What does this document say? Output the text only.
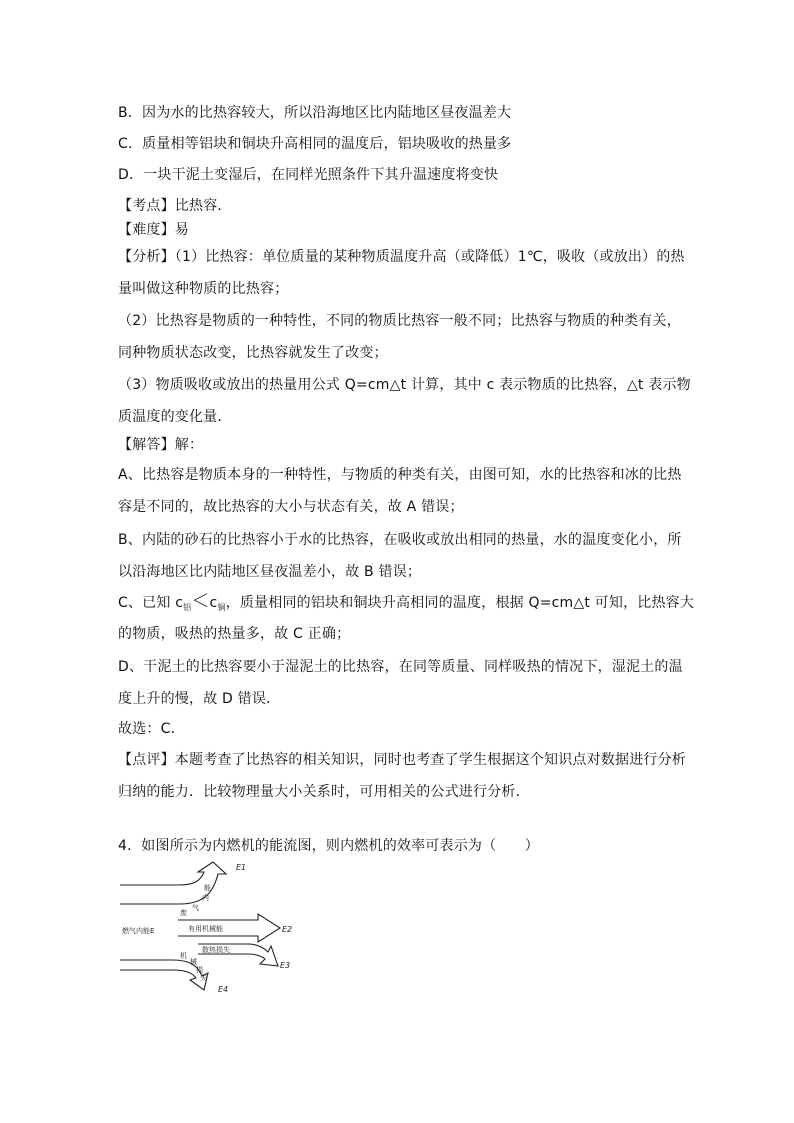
B．因为水的比热容较大，所以沿海地区比内陆地区昼夜温差大
C．质量相等铝块和铜块升高相同的温度后，铝块吸收的热量多
D．一块干泥土变湿后，在同样光照条件下其升温速度将变快
【考点】比热容．
【难度】易
【分析】（1）比热容：单位质量的某种物质温度升高（或降低）1℃，吸收（或放出）的热
量叫做这种物质的比热容；
（2）比热容是物质的一种特性，不同的物质比热容一般不同；比热容与物质的种类有关，
同种物质状态改变，比热容就发生了改变；
（3）物质吸收或放出的热量用公式 Q=cm△t 计算，其中 c 表示物质的比热容，△t 表示物
质温度的变化量．
【解答】解：
A、比热容是物质本身的一种特性，与物质的种类有关，由图可知，水的比热容和冰的比热
容是不同的，故比热容的大小与状态有关，故 A 错误；
B、内陆的砂石的比热容小于水的比热容，在吸收或放出相同的热量，水的温度变化小，所
以沿海地区比内陆地区昼夜温差小，故 B 错误；
C、已知 $c_铝<c_铜$，质量相同的铝块和铜块升高相同的温度，根据 Q=cm△t 可知，比热容大
的物质，吸热的热量多，故 C 正确；
D、干泥土的比热容要小于湿泥土的比热容，在同等质量、同样吸热的情况下，湿泥土的温
度上升的慢，故 D 错误．
故选：C．
【点评】本题考查了比热容的相关知识，同时也考查了学生根据这个知识点对数据进行分析
归纳的能力．比较物理量大小关系时，可用相关的公式进行分析．
4．如图所示为内燃机的能流图，则内燃机的效率可表示为（　　）
E1
E2
E3
E4
燃气内能E
废
气
内
能
有用机械能
散热损失
机
械
损
失
